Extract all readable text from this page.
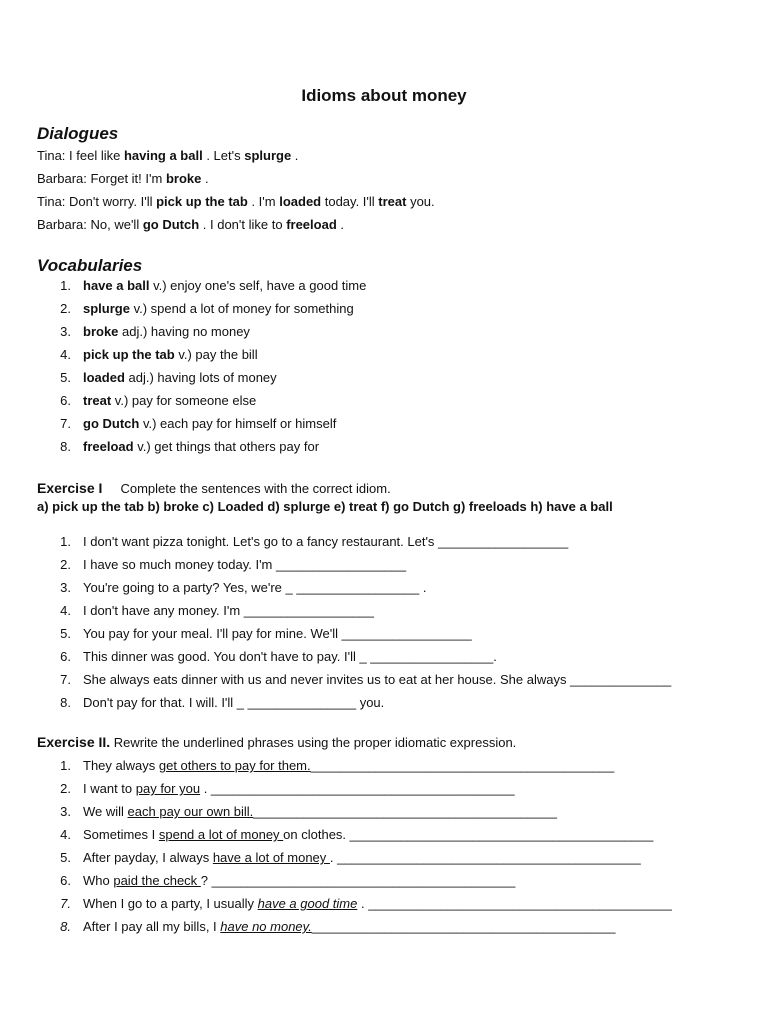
Idioms about money
Dialogues
Tina: I feel like having a ball . Let's splurge .
Barbara: Forget it! I'm broke .
Tina: Don't worry. I'll pick up the tab . I'm loaded today. I'll treat you.
Barbara: No, we'll go Dutch . I don't like to freeload .
Vocabularies
1. have a ball v.) enjoy one's self, have a good time
2. splurge v.) spend a lot of money for something
3. broke adj.) having no money
4. pick up the tab v.) pay the bill
5. loaded adj.) having lots of money
6. treat v.) pay for someone else
7. go Dutch v.) each pay for himself or himself
8. freeload v.) get things that others pay for
Exercise I     Complete the sentences with the correct idiom.
a) pick up the tab b) broke c) Loaded d) splurge e) treat f) go Dutch g) freeloads h) have a ball
1. I don't want pizza tonight. Let's go to a fancy restaurant. Let's __________________
2. I have so much money today. I'm __________________
3. You're going to a party? Yes, we're _ _________________ .
4. I don't have any money. I'm __________________
5. You pay for your meal. I'll pay for mine. We'll __________________
6. This dinner was good. You don't have to pay. I'll _ _________________.
7. She always eats dinner with us and never invites us to eat at her house. She always ______________
8. Don't pay for that. I will. I'll _ _______________ you.
Exercise II. Rewrite the underlined phrases using the proper idiomatic expression.
1. They always get others to pay for them.__________________________________________
2. I want to pay for you . __________________________________________
3. We will each pay our own bill.__________________________________________
4. Sometimes I spend a lot of money on clothes. __________________________________________
5. After payday, I always have a lot of money . __________________________________________
6. Who paid the check ? __________________________________________
7. When I go to a party, I usually have a good time . __________________________________________
8. After I pay all my bills, I have no money.__________________________________________
